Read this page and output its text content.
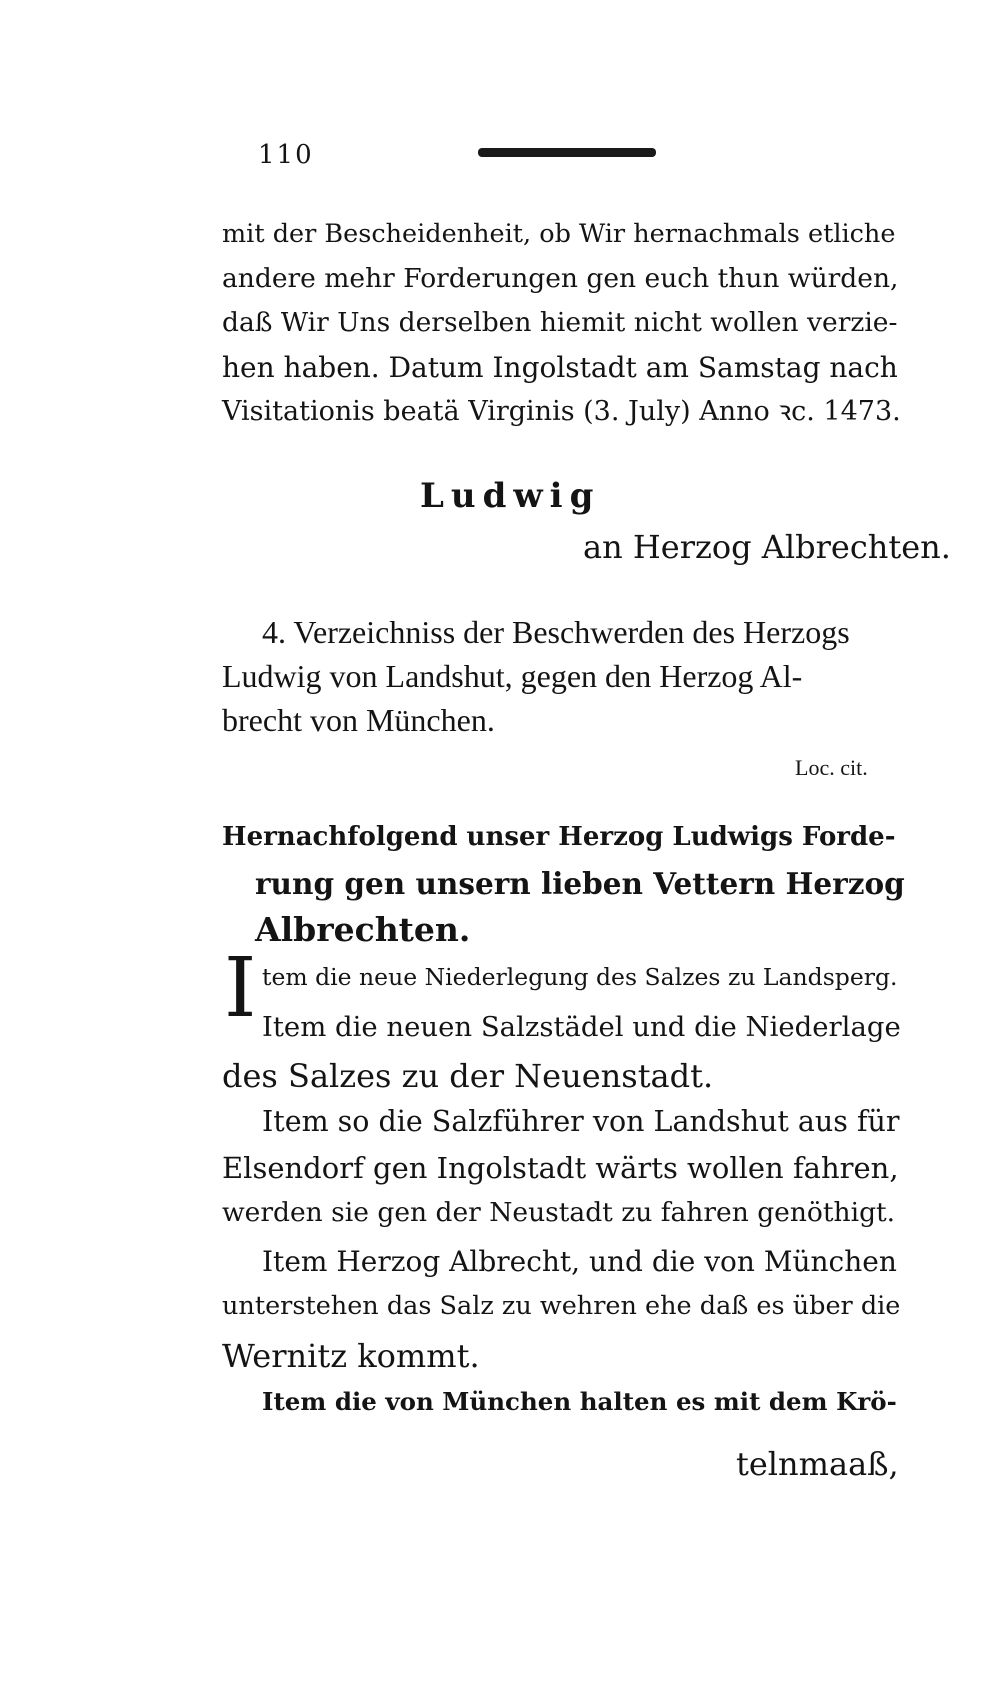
110
mit der Bescheidenheit, ob Wir hernachmals etliche
andere mehr Forderungen gen euch thun würden,
daß Wir Uns derselben hiemit nicht wollen verzie-
hen haben. Datum Ingolstadt am Samstag nach
Visitationis beatä Virginis (3. July) Anno ꝛc. 1473.
Ludwig
an Herzog Albrechten.
4. Verzeichniss der Beschwerden des Herzogs
Ludwig von Landshut, gegen den Herzog Al-
brecht von München.
Loc. cit.
Hernachfolgend unser Herzog Ludwigs Forde-
rung gen unsern lieben Vettern Herzog
Albrechten.
I tem die neue Niederlegung des Salzes zu Landsperg.
Item die neuen Salzstädel und die Niederlage
des Salzes zu der Neuenstadt.
Item so die Salzführer von Landshut aus für
Elsendorf gen Ingolstadt wärts wollen fahren,
werden sie gen der Neustadt zu fahren genöthigt.
Item Herzog Albrecht, und die von München
unterstehen das Salz zu wehren ehe daß es über die
Wernitz kommt.
Item die von München halten es mit dem Krö-
telnmaaß,
